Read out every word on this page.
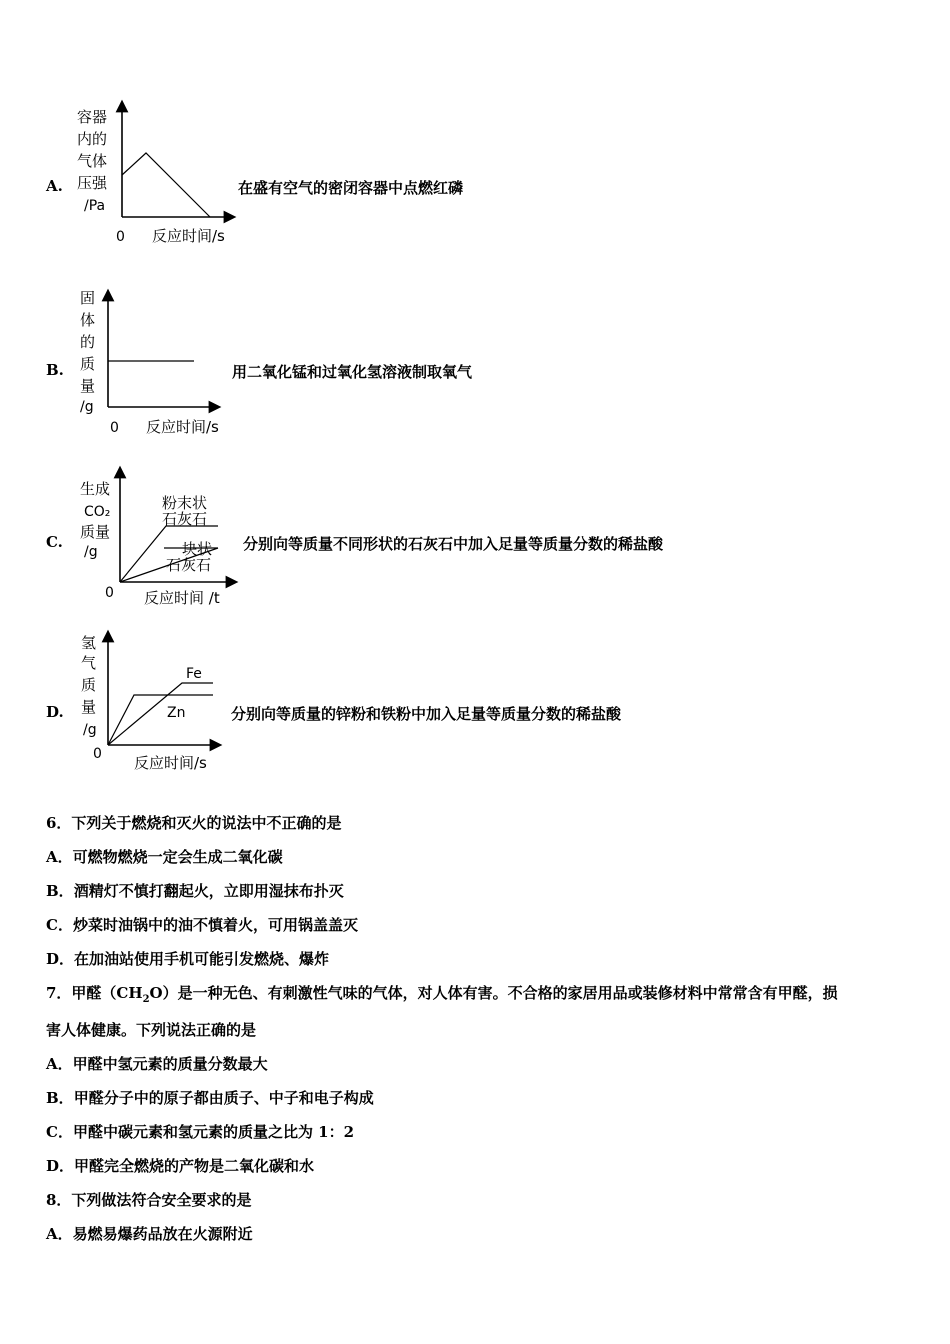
A.
容器
内的
气体
压强
/Pa
0 反应时间/s
在盛有空气的密闭容器中点燃红磷
B.
固
体
的
质
量
/g
0 反应时间/s
用二氧化锰和过氧化氢溶液制取氧气
C.
生成
CO₂
质量
/g
粉末状
石灰石
块状
石灰石
0 反应时间 /t
分别向等质量不同形状的石灰石中加入足量等质量分数的稀盐酸
D.
氢
气
质
量
/g
Fe
Zn
0 反应时间/s
分别向等质量的锌粉和铁粉中加入足量等质量分数的稀盐酸
6．下列关于燃烧和灭火的说法中不正确的是
A．可燃物燃烧一定会生成二氧化碳
B．酒精灯不慎打翻起火，立即用湿抹布扑灭
C．炒菜时油锅中的油不慎着火，可用锅盖盖灭
D．在加油站使用手机可能引发燃烧、爆炸
7．甲醛$(CH_2O)$是一种无色、有刺激性气味的气体，对人体有害。不合格的家居用品或装修材料中常常含有甲醛，损
害人体健康。下列说法正确的是
A．甲醛中氢元素的质量分数最大
B．甲醛分子中的原子都由质子、中子和电子构成
C．甲醛中碳元素和氢元素的质量之比为 1：2
D．甲醛完全燃烧的产物是二氧化碳和水
8．下列做法符合安全要求的是
A．易燃易爆药品放在火源附近
